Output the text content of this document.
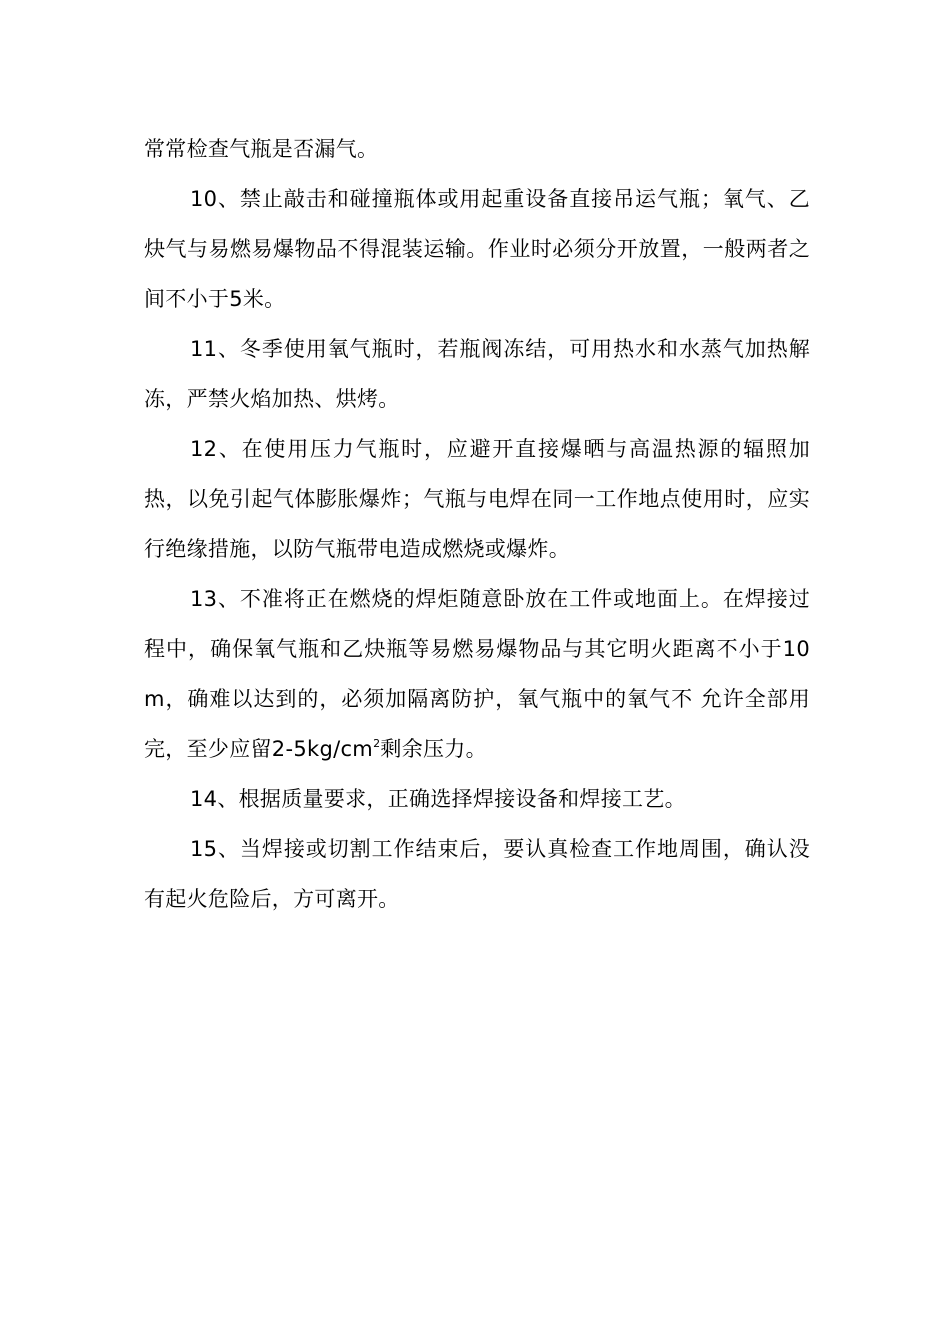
常常检查气瓶是否漏气。

10、禁止敲击和碰撞瓶体或用起重设备直接吊运气瓶；氧气、乙炔气与易燃易爆物品不得混装运输。作业时必须分开放置，一般两者之间不小于5米。

11、冬季使用氧气瓶时，若瓶阀冻结，可用热水和水蒸气加热解冻，严禁火焰加热、烘烤。

12、在使用压力气瓶时，应避开直接爆晒与高温热源的辐照加热，以免引起气体膨胀爆炸；气瓶与电焊在同一工作地点使用时，应实行绝缘措施，以防气瓶带电造成燃烧或爆炸。

13、不准将正在燃烧的焊炬随意卧放在工件或地面上。在焊接过程中，确保氧气瓶和乙炔瓶等易燃易爆物品与其它明火距离不小于10m，确难以达到的，必须加隔离防护，氧气瓶中的氧气不 允许全部用完，至少应留$2-5kg/cm^2$剩余压力。

14、根据质量要求，正确选择焊接设备和焊接工艺。

15、当焊接或切割工作结束后，要认真检查工作地周围，确认没有起火危险后，方可离开。
